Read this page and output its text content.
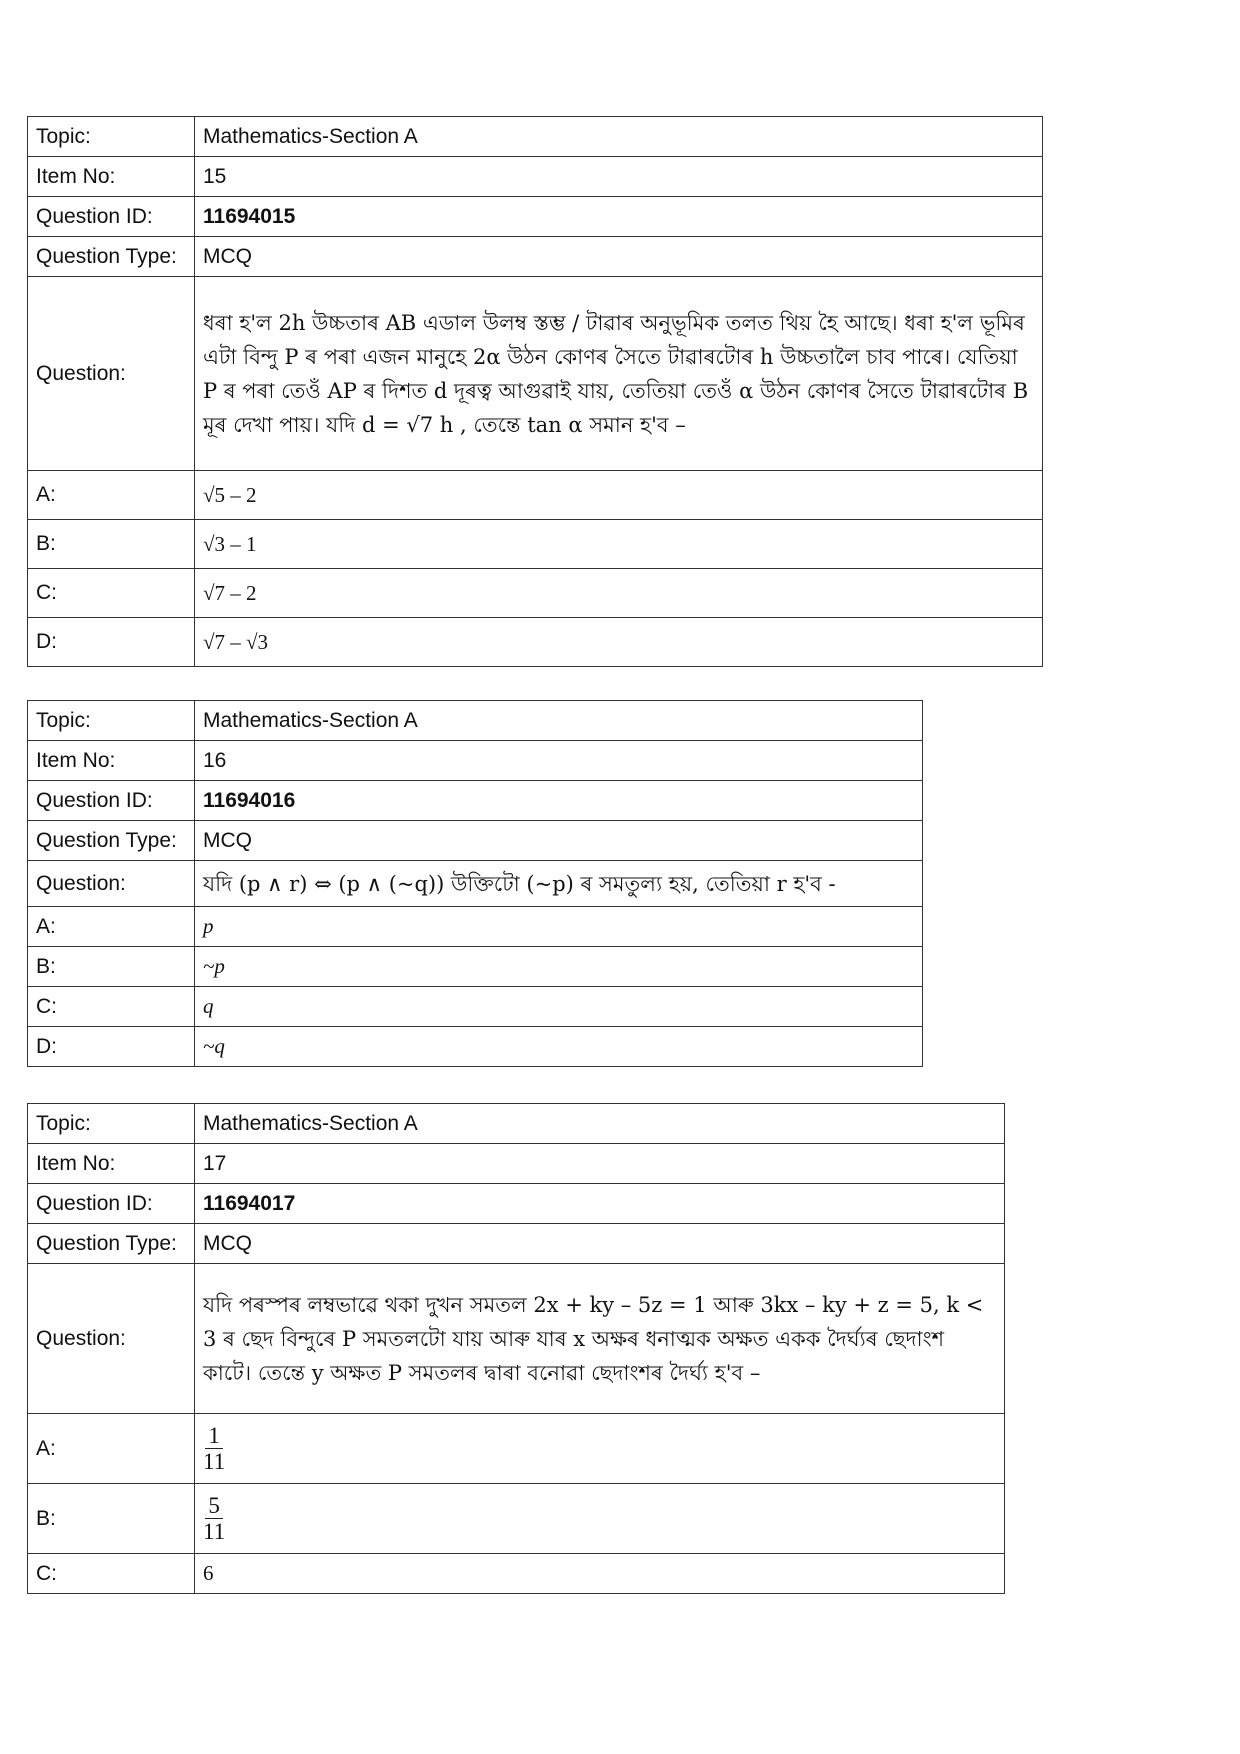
Topic:	Mathematics-Section A
Item No:	15
Question ID:	11694015
Question Type:	MCQ
Question:	ধৰা হ'ল 2h উচ্চতাৰ AB এডাল উলম্ব স্তম্ভ / টাৱাৰ অনুভূমিক তলত থিয় হৈ আছে। ধৰা হ'ল ভূমিৰ এটা বিন্দু P ৰ পৰা এজন মানুহে 2α উঠন কোণৰ সৈতে টাৱাৰটোৰ h উচ্চতালৈ চাব পাৰে। যেতিয়া P ৰ পৰা তেওঁ AP ৰ দিশত d দূৰত্ব আগুৱাই যায়, তেতিয়া তেওঁ α উঠন কোণৰ সৈতে টাৱাৰটোৰ B মূৰ দেখা পায়। যদি d = √7 h , তেন্তে tan α সমান হ'ব –
A:	√5 – 2
B:	√3 – 1
C:	√7 – 2
D:	√7 – √3
Topic:	Mathematics-Section A
Item No:	16
Question ID:	11694016
Question Type:	MCQ
Question:	যদি (p ∧ r) ⇔ (p ∧ (~q)) উক্তিটো (~p) ৰ সমতুল্য হয়, তেতিয়া r হ'ব -
A:	p
B:	~p
C:	q
D:	~q
Topic:	Mathematics-Section A
Item No:	17
Question ID:	11694017
Question Type:	MCQ
Question:	যদি পৰস্পৰ লম্বভাৱে থকা দুখন সমতল 2x + ky – 5z = 1 আৰু 3kx – ky + z = 5, k < 3 ৰ ছেদ বিন্দুৰে P সমতলটো যায় আৰু যাৰ x অক্ষৰ ধনাত্মক অক্ষত একক দৈৰ্ঘ্যৰ ছেদাংশ কাটে। তেন্তে y অক্ষত P সমতলৰ দ্বাৰা বনোৱা ছেদাংশৰ দৈৰ্ঘ্য হ'ব –
A:	$\frac{1}{11}$

B:	$\frac{5}{11}$

C:	6
